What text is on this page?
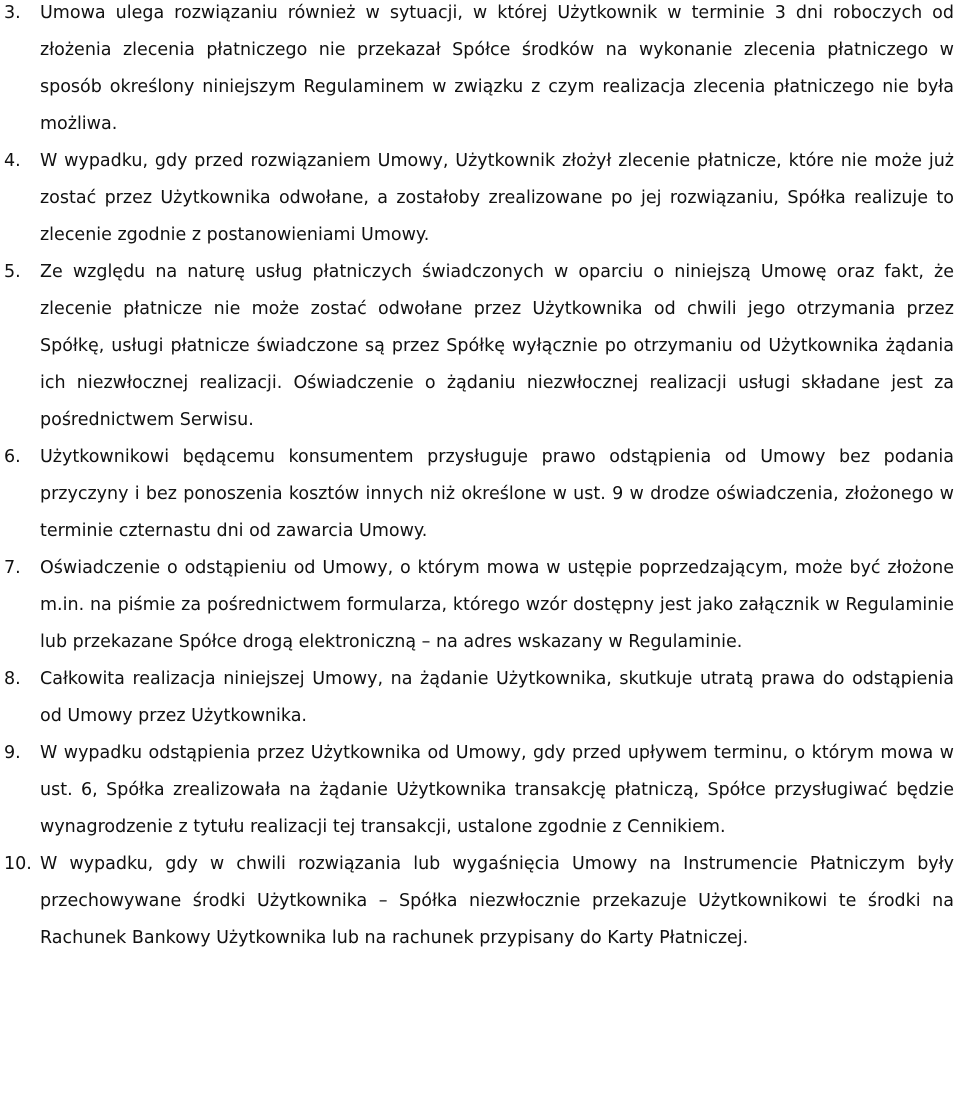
3.	Umowa ulega rozwiązaniu również w sytuacji, w której Użytkownik w terminie 3 dni roboczych od złożenia zlecenia płatniczego nie przekazał Spółce środków na wykonanie zlecenia płatniczego w sposób określony niniejszym Regulaminem w związku z czym realizacja zlecenia płatniczego nie była możliwa.
4.	W wypadku, gdy przed rozwiązaniem Umowy, Użytkownik złożył zlecenie płatnicze, które nie może już zostać przez Użytkownika odwołane, a zostałoby zrealizowane po jej rozwiązaniu, Spółka realizuje to zlecenie zgodnie z postanowieniami Umowy.
5.	Ze względu na naturę usług płatniczych świadczonych w oparciu o niniejszą Umowę oraz fakt, że zlecenie płatnicze nie może zostać odwołane przez Użytkownika od chwili jego otrzymania przez Spółkę, usługi płatnicze świadczone są przez Spółkę wyłącznie po otrzymaniu od Użytkownika żądania ich niezwłocznej realizacji. Oświadczenie o żądaniu niezwłocznej realizacji usługi składane jest za pośrednictwem Serwisu.
6.	Użytkownikowi będącemu konsumentem przysługuje prawo odstąpienia od Umowy bez podania przyczyny i bez ponoszenia kosztów innych niż określone w ust. 9 w drodze oświadczenia, złożonego w terminie czternastu dni od zawarcia Umowy.
7.	Oświadczenie o odstąpieniu od Umowy, o którym mowa w ustępie poprzedzającym, może być złożone m.in. na piśmie za pośrednictwem formularza, którego wzór dostępny jest jako załącznik w Regulaminie lub przekazane Spółce drogą elektroniczną – na adres wskazany w Regulaminie.
8.	Całkowita realizacja niniejszej Umowy, na żądanie Użytkownika, skutkuje utratą prawa do odstąpienia od Umowy przez Użytkownika.
9.	W wypadku odstąpienia przez Użytkownika od Umowy, gdy przed upływem terminu, o którym mowa w ust. 6, Spółka zrealizowała na żądanie Użytkownika transakcję płatniczą, Spółce przysługiwać będzie wynagrodzenie z tytułu realizacji tej transakcji, ustalone zgodnie z Cennikiem.
10. W wypadku, gdy w chwili rozwiązania lub wygaśnięcia Umowy na Instrumencie Płatniczym były przechowywane środki Użytkownika – Spółka niezwłocznie przekazuje Użytkownikowi te środki na Rachunek Bankowy Użytkownika lub na rachunek przypisany do Karty Płatniczej.
